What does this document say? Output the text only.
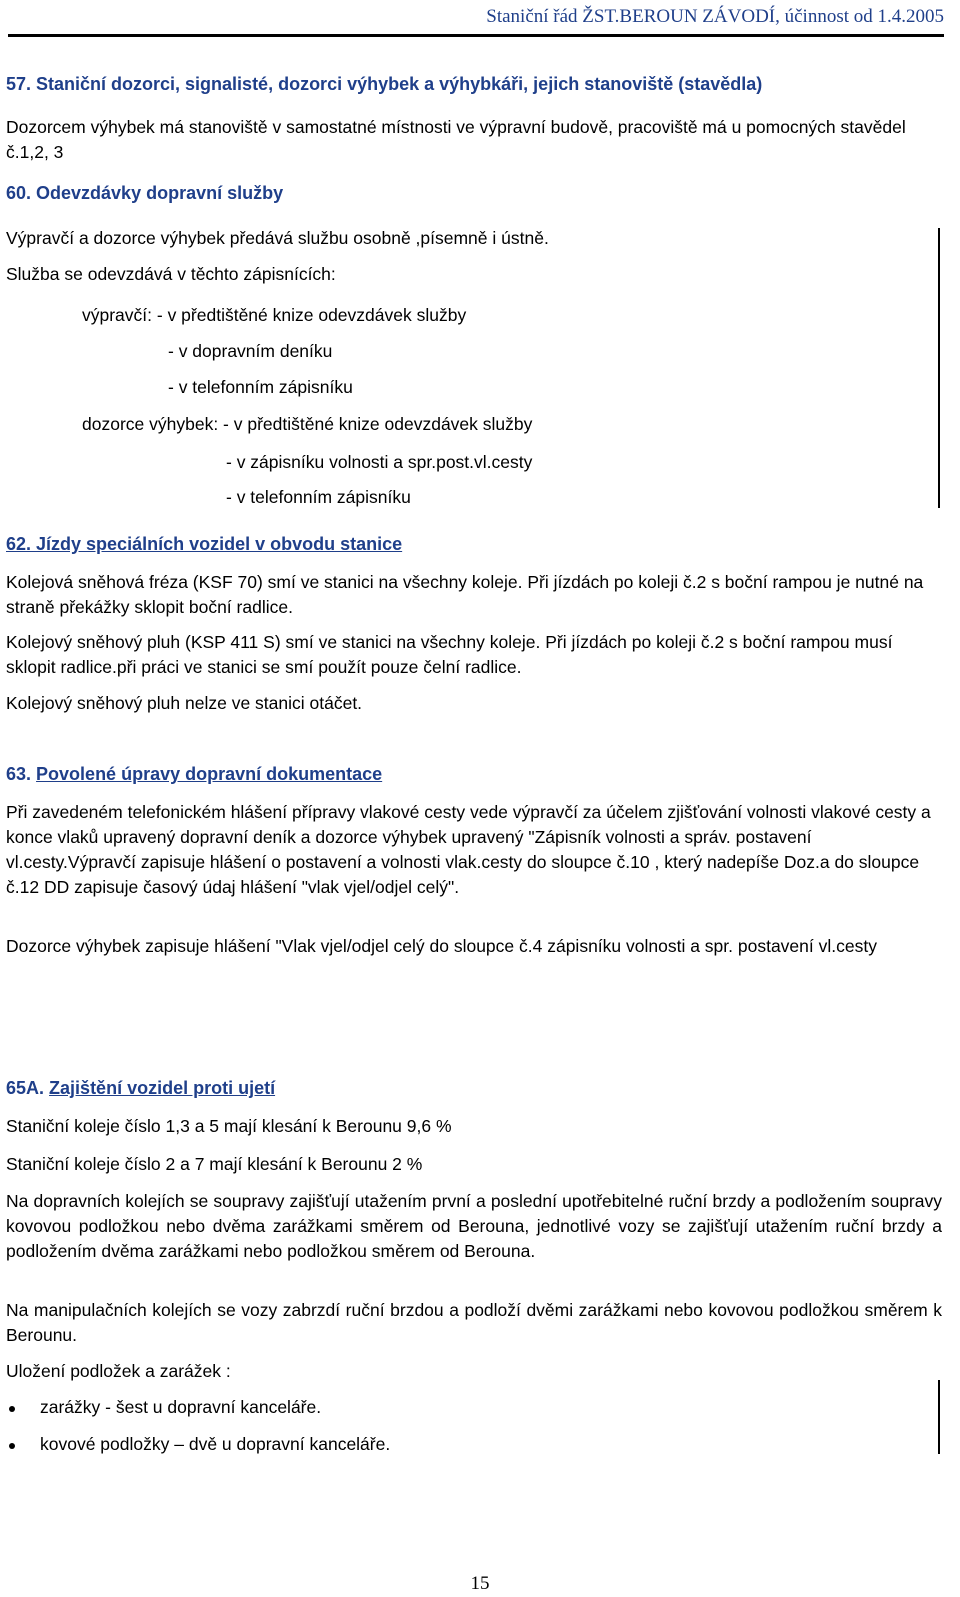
Staniční řád ŽST.BEROUN ZÁVODÍ, účinnost od 1.4.2005
57. Staniční dozorci, signalisté, dozorci výhybek a výhybkáři, jejich stanoviště (stavědla)
Dozorcem výhybek má stanoviště v samostatné místnosti ve výpravní budově, pracoviště má u pomocných stavědel č.1,2, 3
60. Odevzdávky dopravní služby
Výpravčí a dozorce výhybek předává službu osobně ,písemně i ústně.
Služba se odevzdává v těchto zápisnících:
výpravčí: - v předtištěné knize odevzdávek služby
- v dopravním deníku
- v telefonním zápisníku
dozorce výhybek: - v předtištěné knize odevzdávek služby
- v zápisníku volnosti a spr.post.vl.cesty
- v telefonním zápisníku
62. Jízdy speciálních vozidel v obvodu stanice
Kolejová sněhová fréza (KSF 70) smí ve stanici na všechny koleje. Při jízdách po koleji č.2 s boční rampou je nutné na straně překážky sklopit boční radlice.
Kolejový sněhový pluh (KSP 411 S) smí ve stanici na všechny koleje. Při jízdách po koleji č.2 s boční rampou musí sklopit radlice.při práci ve stanici se smí použít pouze čelní radlice.
Kolejový sněhový pluh nelze ve stanici otáčet.
63. Povolené úpravy dopravní dokumentace
Při zavedeném telefonickém hlášení přípravy vlakové cesty vede výpravčí za účelem zjišťování volnosti vlakové cesty a konce vlaků upravený dopravní deník a dozorce výhybek upravený "Zápisník volnosti a správ. postavení vl.cesty.Výpravčí zapisuje hlášení o postavení a volnosti vlak.cesty do sloupce č.10 , který nadepíše Doz.a do sloupce č.12 DD zapisuje časový údaj hlášení "vlak vjel/odjel celý".
Dozorce výhybek zapisuje hlášení "Vlak vjel/odjel celý do sloupce č.4 zápisníku volnosti a spr. postavení vl.cesty
65A. Zajištění vozidel proti ujetí
Staniční koleje číslo 1,3 a 5 mají klesání k Berounu 9,6 %
Staniční koleje číslo 2 a 7 mají klesání k Berounu 2 %
Na dopravních kolejích se soupravy zajišťují utažením první a poslední upotřebitelné ruční brzdy a podložením soupravy kovovou podložkou nebo dvěma zarážkami směrem od Berouna, jednotlivé vozy se zajišťují utažením ruční brzdy a podložením dvěma zarážkami nebo podložkou směrem od Berouna.
Na manipulačních kolejích se vozy zabrzdí ruční brzdou a podloží dvěmi zarážkami nebo kovovou podložkou směrem k Berounu.
Uložení podložek a zarážek :
zarážky - šest u dopravní kanceláře.
kovové podložky – dvě u dopravní kanceláře.
15
